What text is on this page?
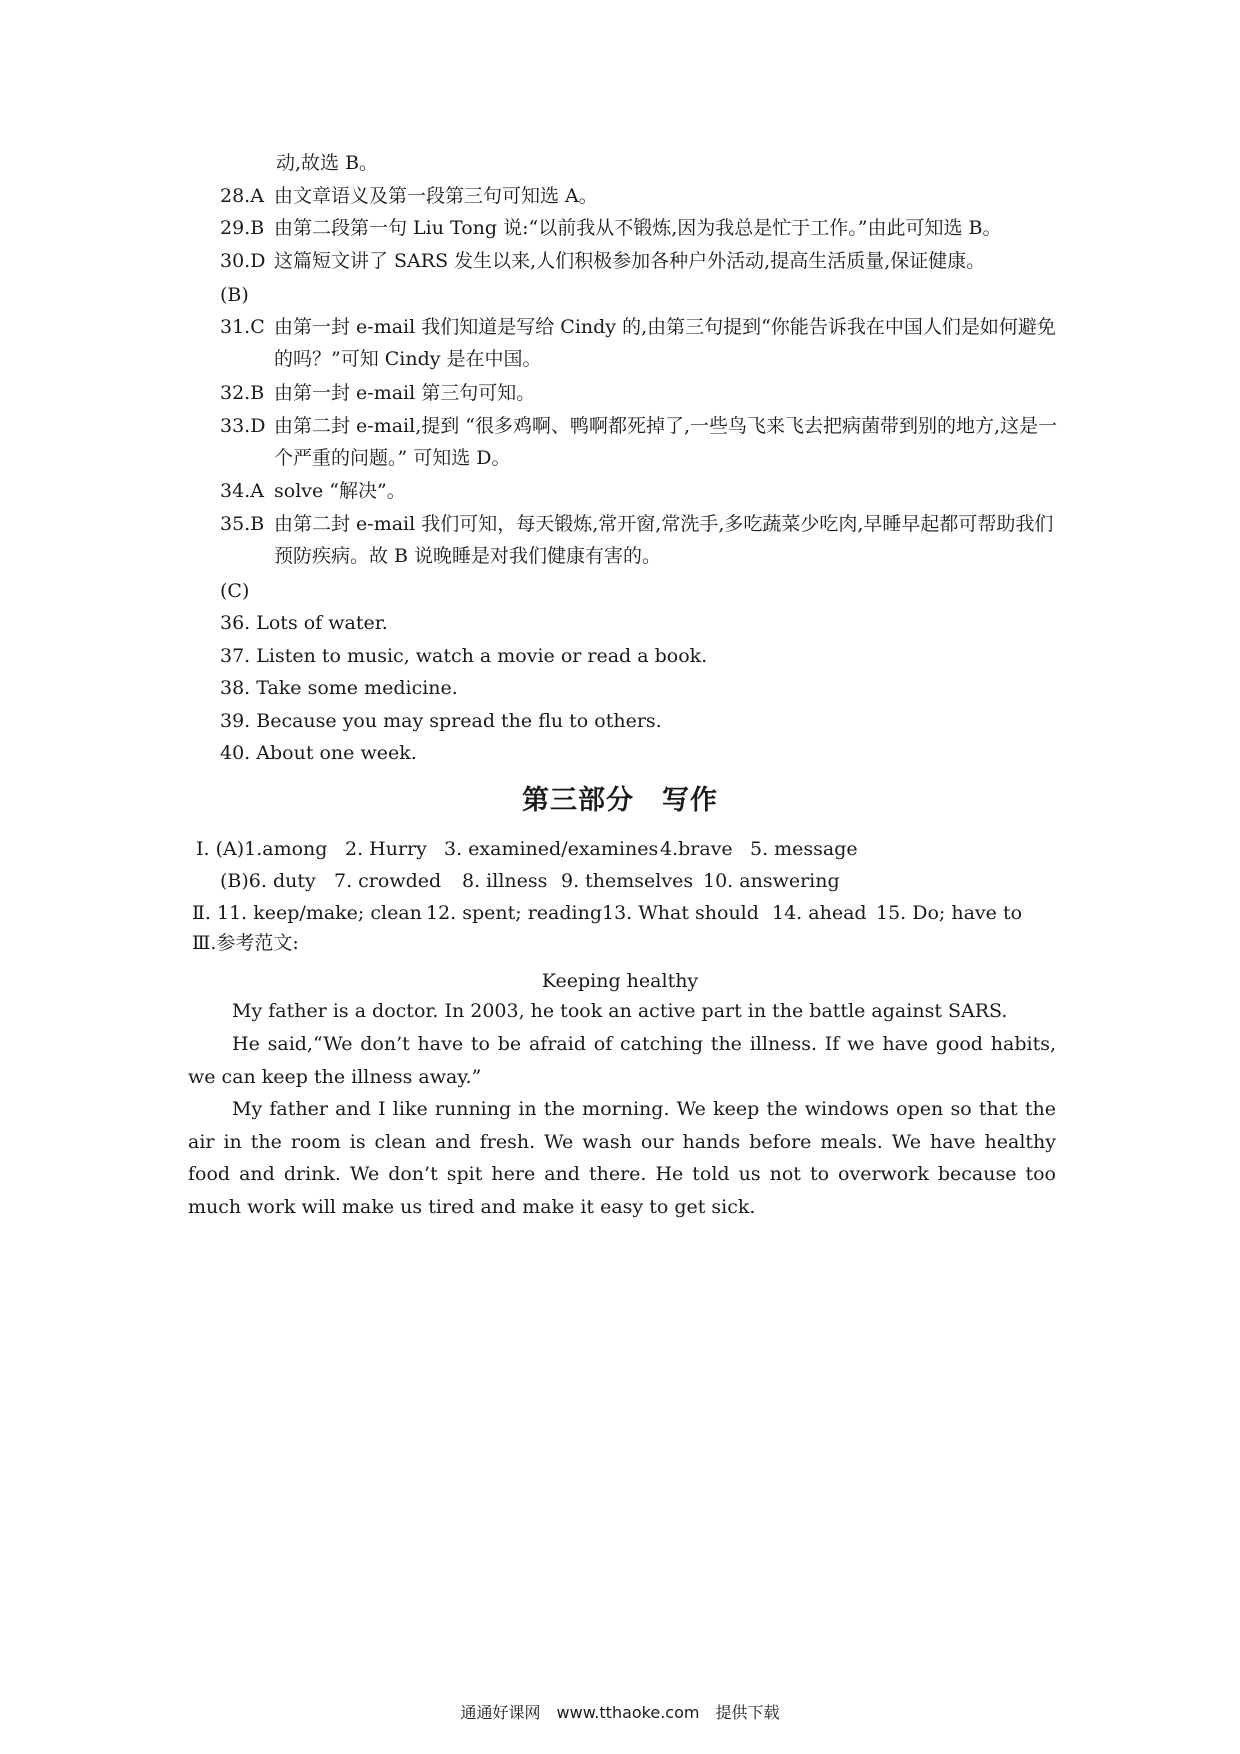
动,故选 B。
28.A 由文章语义及第一段第三句可知选 A。
29.B 由第二段第一句 Liu Tong 说:“以前我从不锻炼,因为我总是忙于工作。”由此可知选 B。
30.D 这篇短文讲了 SARS 发生以来,人们积极参加各种户外活动,提高生活质量,保证健康。
(B)
31.C 由第一封 e-mail 我们知道是写给 Cindy 的,由第三句提到“你能告诉我在中国人们是如何避免的吗？”可知 Cindy 是在中国。
32.B 由第一封 e-mail 第三句可知。
33.D 由第二封 e-mail,提到 “很多鸡啊、鸭啊都死掉了,一些鸟飞来飞去把病菌带到别的地方,这是一个严重的问题。” 可知选 D。
34.A solve “解决”。
35.B 由第二封 e-mail 我们可知，每天锻炼,常开窗,常洗手,多吃蔬菜少吃肉,早睡早起都可帮助我们预防疾病。故 B 说晚睡是对我们健康有害的。
(C)
36. Lots of water.
37. Listen to music, watch a movie or read a book.
38. Take some medicine.
39. Because you may spread the flu to others.
40. About one week.
第三部分　写作
Ⅰ. (A)1.among 2. Hurry 3. examined/examines 4.brave 5. message
(B)6. duty 7. crowded 8. illness 9. themselves 10. answering
Ⅱ. 11. keep/make; clean 12. spent; reading 13. What should 14. ahead 15. Do; have to
Ⅲ.参考范文:
Keeping healthy
My father is a doctor. In 2003, he took an active part in the battle against SARS.
He said,“We don’t have to be afraid of catching the illness. If we have good habits, we can keep the illness away.”
My father and I like running in the morning. We keep the windows open so that the air in the room is clean and fresh. We wash our hands before meals. We have healthy food and drink. We don’t spit here and there. He told us not to overwork because too much work will make us tired and make it easy to get sick.
通通好课网　www.tthaoke.com　提供下载
